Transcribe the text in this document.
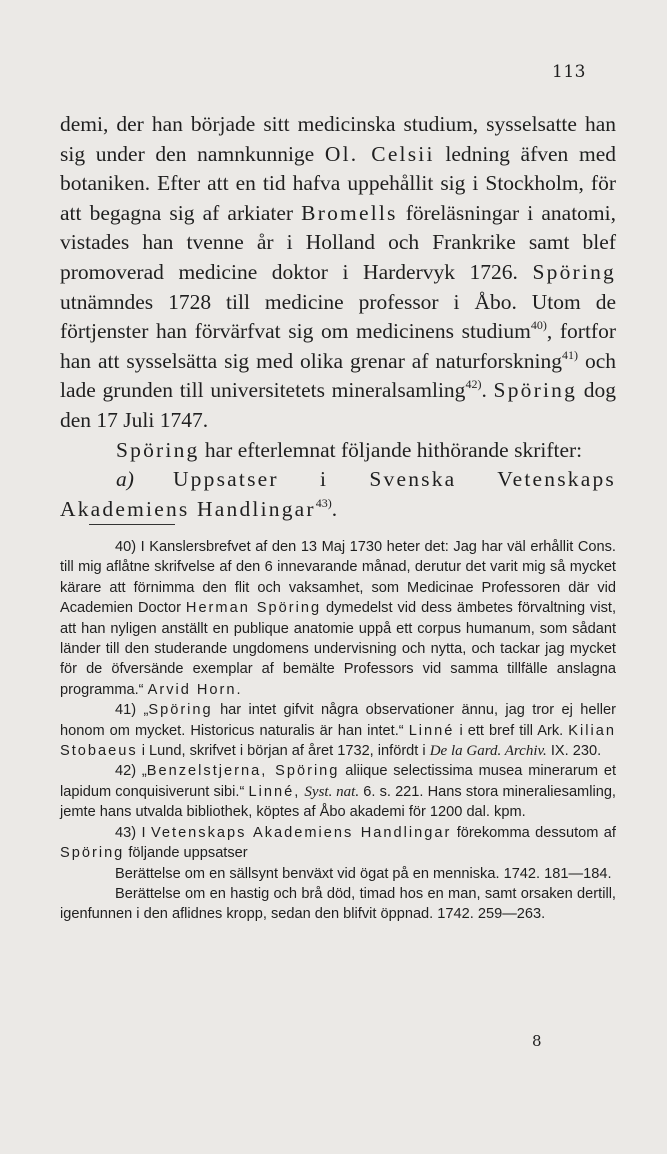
113

demi, der han började sitt medicinska studium, sysselsatte han sig under den namnkunnige Ol. Celsii ledning äfven med botaniken. Efter att en tid hafva uppehållit sig i Stockholm, för att begagna sig af arkiater Bromells föreläsningar i anatomi, vistades han tvenne år i Holland och Frankrike samt blef promoverad medicine doktor i Hardervyk 1726. Spöring utnämndes 1728 till medicine professor i Åbo. Utom de förtjenster han förvärfvat sig om medicinens studium$^{40)}$, fortfor han att sysselsätta sig med olika grenar af naturforskning$^{41)}$ och lade grunden till universitetets mineralsamling$^{42)}$. Spöring dog den 17 Juli 1747.

Spöring har efterlemnat följande hithörande skrifter:

a) Uppsatser i Svenska Vetenskaps Akademiens Handlingar$^{43)}$.

40) I Kanslersbrefvet af den 13 Maj 1730 heter det: Jag har väl erhållit Cons. till mig aflåtne skrifvelse af den 6 innevarande månad, derutur det varit mig så mycket kärare att förnimma den flit och vaksamhet, som Medicinae Professoren där vid Academien Doctor Herman Spöring dymedelst vid dess ämbetes förvaltning vist, att han nyligen anställt en publique anatomie uppå ett corpus humanum, som sådant länder till den studerande ungdomens undervisning och nytta, och tackar jag mycket för de öfversände exemplar af bemälte Professors vid samma tillfälle anslagna programma.“ Arvid Horn.

41) „Spöring har intet gifvit några observationer ännu, jag tror ej heller honom om mycket. Historicus naturalis är han intet.“ Linné i ett bref till Ark. Kilian Stobaeus i Lund, skrifvet i början af året 1732, infördt i De la Gard. Archiv. IX. 230.

42) „Benzelstjerna, Spöring aliique selectissima musea minerarum et lapidum conquisiverunt sibi.“ Linné, Syst. nat. 6. s. 221. Hans stora mineraliesamling, jemte hans utvalda bibliothek, köptes af Åbo akademi för 1200 dal. kpm.

43) I Vetenskaps Akademiens Handlingar förekomma dessutom af Spöring följande uppsatser

Berättelse om en sällsynt benväxt vid ögat på en menniska. 1742. 181—184.

Berättelse om en hastig och brå död, timad hos en man, samt orsaken dertill, igenfunnen i den aflidnes kropp, sedan den blifvit öppnad. 1742. 259—263.

8
